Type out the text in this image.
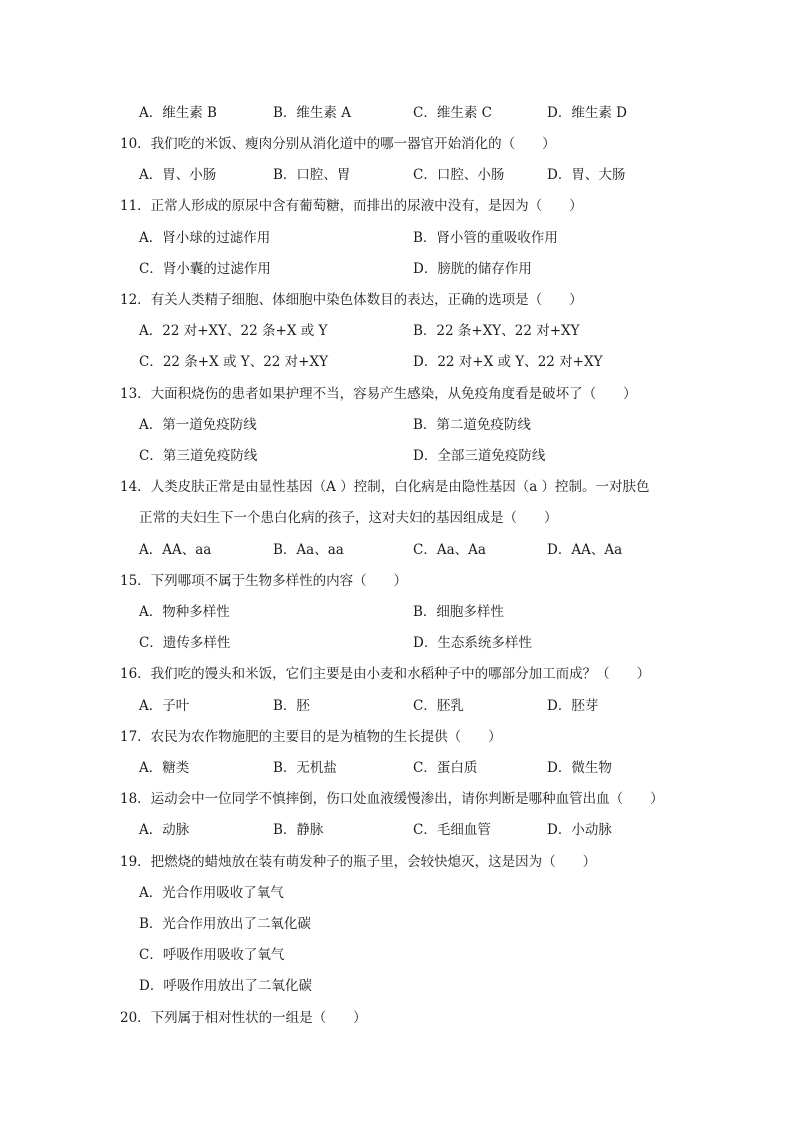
A．维生素 B	B．维生素 A	C．维生素 C	D．维生素 D
10．我们吃的米饭、瘦肉分别从消化道中的哪一器官开始消化的（　　）
A．胃、小肠	B．口腔、胃	C．口腔、小肠	D．胃、大肠
11．正常人形成的原尿中含有葡萄糖，而排出的尿液中没有，是因为（　　）
A．肾小球的过滤作用	B．肾小管的重吸收作用
C．肾小囊的过滤作用	D．膀胱的储存作用
12．有关人类精子细胞、体细胞中染色体数目的表达，正确的选项是（　　）
A．22 对+XY、22 条+X 或 Y	B．22 条+XY、22 对+XY
C．22 条+X 或 Y、22 对+XY	D．22 对+X 或 Y、22 对+XY
13．大面积烧伤的患者如果护理不当，容易产生感染，从免疫角度看是破坏了（　　）
A．第一道免疫防线	B．第二道免疫防线
C．第三道免疫防线	D．全部三道免疫防线
14．人类皮肤正常是由显性基因（A ）控制，白化病是由隐性基因（a ）控制。一对肤色
正常的夫妇生下一个患白化病的孩子，这对夫妇的基因组成是（　　）
A．AA、aa	B．Aa、aa	C．Aa、Aa	D．AA、Aa
15．下列哪项不属于生物多样性的内容（　　）
A．物种多样性	B．细胞多样性
C．遗传多样性	D．生态系统多样性
16．我们吃的馒头和米饭，它们主要是由小麦和水稻种子中的哪部分加工而成？（　　）
A．子叶	B．胚	C．胚乳	D．胚芽
17．农民为农作物施肥的主要目的是为植物的生长提供（　　）
A．糖类	B．无机盐	C．蛋白质	D．微生物
18．运动会中一位同学不慎摔倒，伤口处血液缓慢渗出，请你判断是哪种血管出血（　　）
A．动脉	B．静脉	C．毛细血管	D．小动脉
19．把燃烧的蜡烛放在装有萌发种子的瓶子里，会较快熄灭，这是因为（　　）
A．光合作用吸收了氧气
B．光合作用放出了二氧化碳
C．呼吸作用吸收了氧气
D．呼吸作用放出了二氧化碳
20．下列属于相对性状的一组是（　　）
